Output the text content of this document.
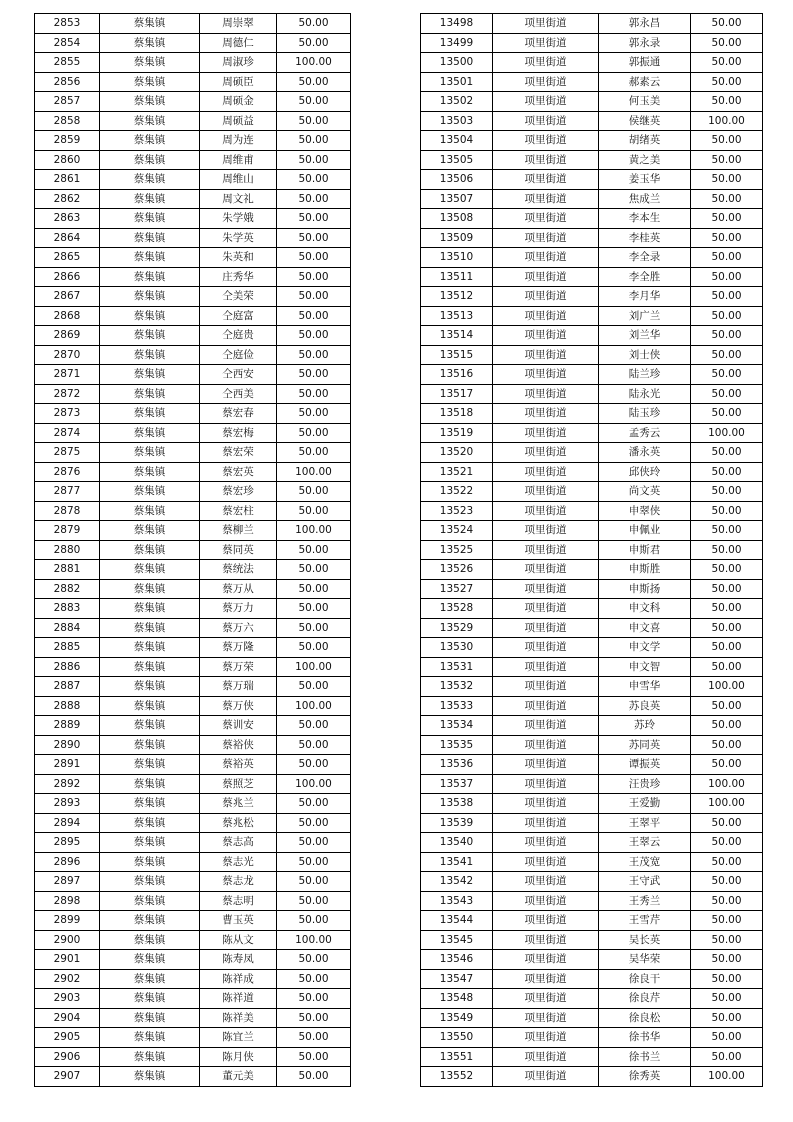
2853	蔡集镇	周崇翠	50.00
2854	蔡集镇	周德仁	50.00
2855	蔡集镇	周淑珍	100.00
2856	蔡集镇	周硕臣	50.00
2857	蔡集镇	周硕金	50.00
2858	蔡集镇	周硕益	50.00
2859	蔡集镇	周为连	50.00
2860	蔡集镇	周维甫	50.00
2861	蔡集镇	周维山	50.00
2862	蔡集镇	周文礼	50.00
2863	蔡集镇	朱学娥	50.00
2864	蔡集镇	朱学英	50.00
2865	蔡集镇	朱英和	50.00
2866	蔡集镇	庄秀华	50.00
2867	蔡集镇	仝美荣	50.00
2868	蔡集镇	仝庭富	50.00
2869	蔡集镇	仝庭贵	50.00
2870	蔡集镇	仝庭俭	50.00
2871	蔡集镇	仝西安	50.00
2872	蔡集镇	仝西美	50.00
2873	蔡集镇	蔡宏春	50.00
2874	蔡集镇	蔡宏梅	50.00
2875	蔡集镇	蔡宏荣	50.00
2876	蔡集镇	蔡宏英	100.00
2877	蔡集镇	蔡宏珍	50.00
2878	蔡集镇	蔡宏柱	50.00
2879	蔡集镇	蔡柳兰	100.00
2880	蔡集镇	蔡同英	50.00
2881	蔡集镇	蔡统法	50.00
2882	蔡集镇	蔡万从	50.00
2883	蔡集镇	蔡万力	50.00
2884	蔡集镇	蔡万六	50.00
2885	蔡集镇	蔡万隆	50.00
2886	蔡集镇	蔡万荣	100.00
2887	蔡集镇	蔡万瑞	50.00
2888	蔡集镇	蔡万侠	100.00
2889	蔡集镇	蔡训安	50.00
2890	蔡集镇	蔡裕侠	50.00
2891	蔡集镇	蔡裕英	50.00
2892	蔡集镇	蔡照芝	100.00
2893	蔡集镇	蔡兆兰	50.00
2894	蔡集镇	蔡兆松	50.00
2895	蔡集镇	蔡志高	50.00
2896	蔡集镇	蔡志光	50.00
2897	蔡集镇	蔡志龙	50.00
2898	蔡集镇	蔡志明	50.00
2899	蔡集镇	曹玉英	50.00
2900	蔡集镇	陈从文	100.00
2901	蔡集镇	陈寿凤	50.00
2902	蔡集镇	陈祥成	50.00
2903	蔡集镇	陈祥道	50.00
2904	蔡集镇	陈祥美	50.00
2905	蔡集镇	陈宜兰	50.00
2906	蔡集镇	陈月侠	50.00
2907	蔡集镇	董元美	50.00
13498	项里街道	郭永昌	50.00
13499	项里街道	郭永录	50.00
13500	项里街道	郭振通	50.00
13501	项里街道	郝素云	50.00
13502	项里街道	何玉美	50.00
13503	项里街道	侯继英	100.00
13504	项里街道	胡绪英	50.00
13505	项里街道	黄之美	50.00
13506	项里街道	姜玉华	50.00
13507	项里街道	焦成兰	50.00
13508	项里街道	李本生	50.00
13509	项里街道	李桂英	50.00
13510	项里街道	李全录	50.00
13511	项里街道	李全胜	50.00
13512	项里街道	李月华	50.00
13513	项里街道	刘广兰	50.00
13514	项里街道	刘兰华	50.00
13515	项里街道	刘士侠	50.00
13516	项里街道	陆兰珍	50.00
13517	项里街道	陆永光	50.00
13518	项里街道	陆玉珍	50.00
13519	项里街道	孟秀云	100.00
13520	项里街道	潘永英	50.00
13521	项里街道	邱侠玲	50.00
13522	项里街道	尚文英	50.00
13523	项里街道	申翠侠	50.00
13524	项里街道	申佩业	50.00
13525	项里街道	申斯君	50.00
13526	项里街道	申斯胜	50.00
13527	项里街道	申斯扬	50.00
13528	项里街道	申文科	50.00
13529	项里街道	申文喜	50.00
13530	项里街道	申文学	50.00
13531	项里街道	申文智	50.00
13532	项里街道	申雪华	100.00
13533	项里街道	苏良英	50.00
13534	项里街道	苏玲	50.00
13535	项里街道	苏同英	50.00
13536	项里街道	谭振英	50.00
13537	项里街道	汪贵珍	100.00
13538	项里街道	王爱勤	100.00
13539	项里街道	王翠平	50.00
13540	项里街道	王翠云	50.00
13541	项里街道	王茂宽	50.00
13542	项里街道	王守武	50.00
13543	项里街道	王秀兰	50.00
13544	项里街道	王雪芹	50.00
13545	项里街道	吴长英	50.00
13546	项里街道	吴华荣	50.00
13547	项里街道	徐良干	50.00
13548	项里街道	徐良芹	50.00
13549	项里街道	徐良松	50.00
13550	项里街道	徐书华	50.00
13551	项里街道	徐书兰	50.00
13552	项里街道	徐秀英	100.00
